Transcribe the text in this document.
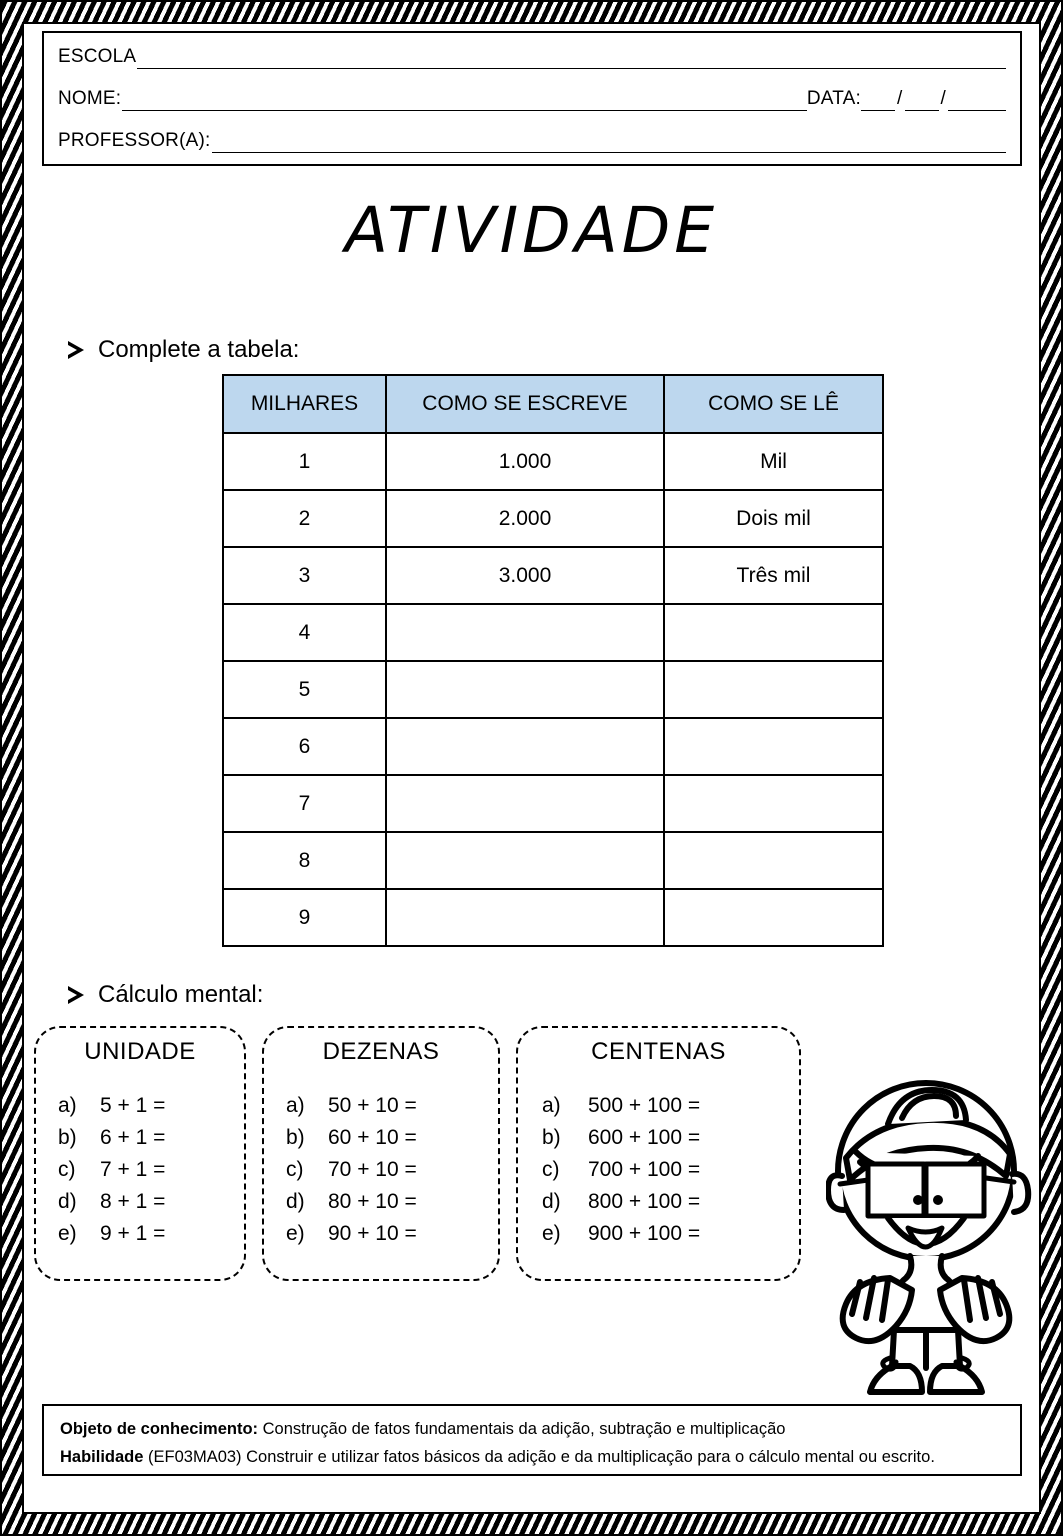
ESCOLA
NOME:	DATA: / /
PROFESSOR(A):
ATIVIDADE
Complete a tabela:
MILHARES	COMO SE ESCREVE	COMO SE LÊ
1	1.000	Mil
2	2.000	Dois mil
3	3.000	Três mil
4		
5		
6		
7		
8		
9		
Cálculo mental:
UNIDADE
a)	5 + 1 =
b)	6 + 1 =
c)	7 + 1 =
d)	8 + 1 =
e)	9 + 1 =
DEZENAS
a)	50 + 10 =
b)	60 + 10 =
c)	70 + 10 =
d)	80 + 10 =
e)	90 + 10 =
CENTENAS
a)	500 + 100 =
b)	600 + 100 =
c)	700 + 100 =
d)	800 + 100 =
e)	900 + 100 =

Objeto de conhecimento: Construção de fatos fundamentais da adição, subtração e multiplicação

Habilidade (EF03MA03) Construir e utilizar fatos básicos da adição e da multiplicação para o cálculo mental ou escrito.
